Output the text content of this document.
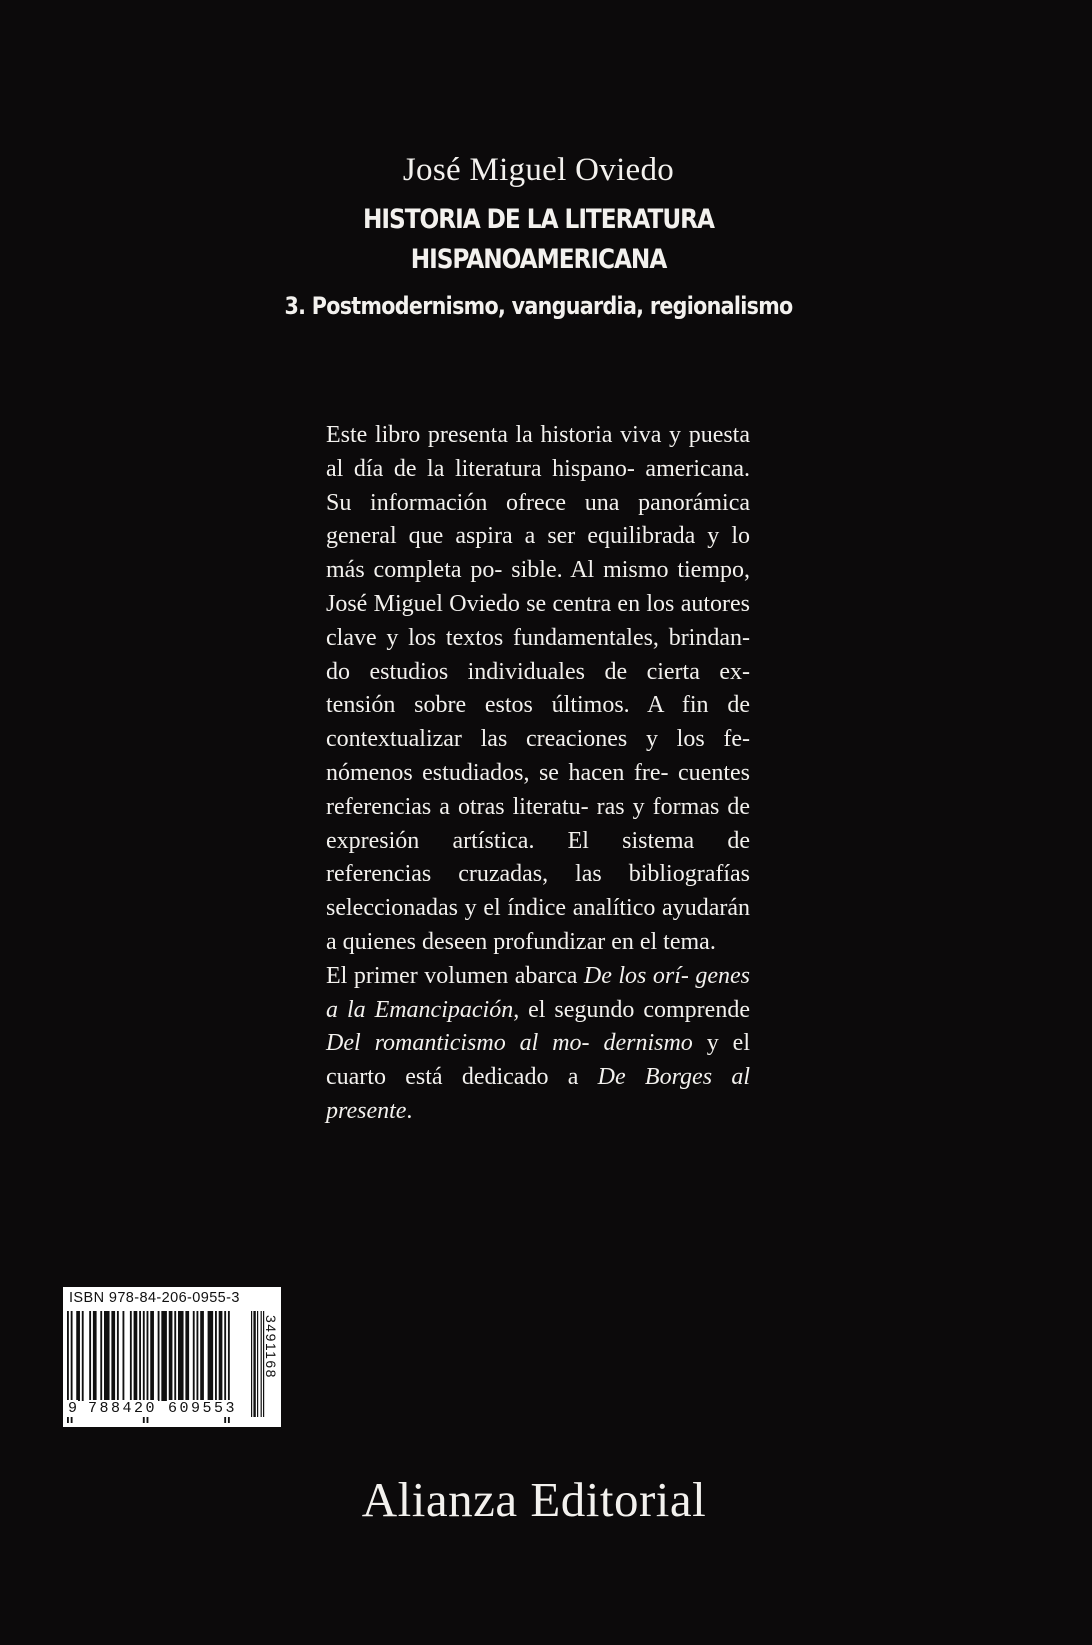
José Miguel Oviedo
HISTORIA DE LA LITERATURA
HISPANOAMERICANA
3. Postmodernismo, vanguardia, regionalismo

Este libro presenta la historia viva y puesta al día de la literatura hispano- americana. Su información ofrece una panorámica general que aspira a ser equilibrada y lo más completa po- sible. Al mismo tiempo, José Miguel Oviedo se centra en los autores clave y los textos fundamentales, brindan- do estudios individuales de cierta ex- tensión sobre estos últimos. A fin de contextualizar las creaciones y los fe- nómenos estudiados, se hacen fre- cuentes referencias a otras literatu- ras y formas de expresión artística. El sistema de referencias cruzadas, las bibliografías seleccionadas y el índice analítico ayudarán a quienes deseen profundizar en el tema.

El primer volumen abarca De los orí- genes a la Emancipación, el segundo comprende Del romanticismo al mo- dernismo y el cuarto está dedicado a De Borges al presente.

ISBN 978-84-206-0955-3
9 788420 609553
3491168
Alianza Editorial
